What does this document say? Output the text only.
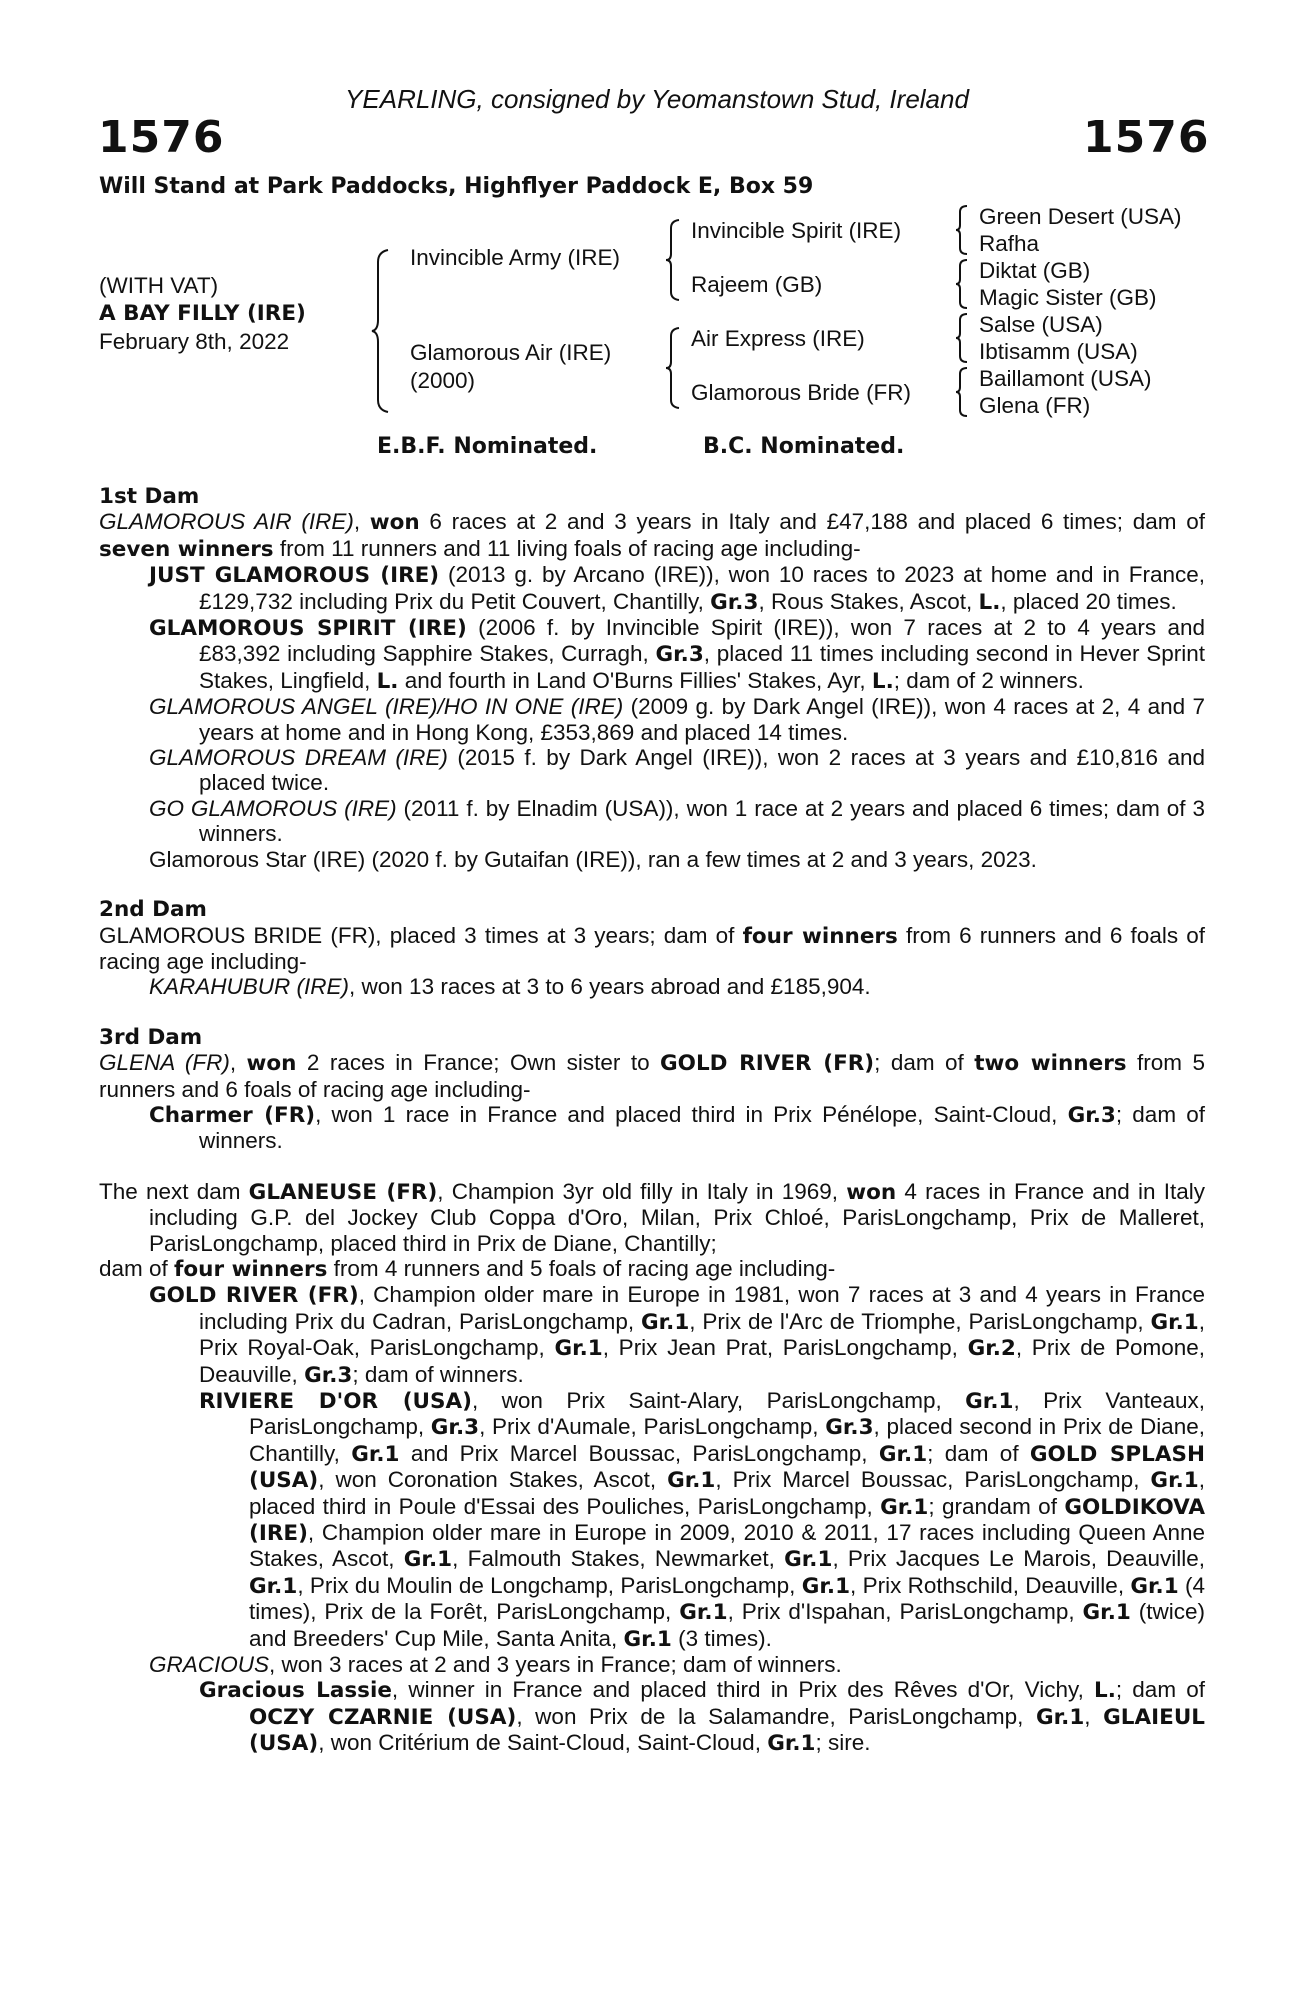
YEARLING, consigned by Yeomanstown Stud, Ireland
1576	1576
Will Stand at Park Paddocks, Highflyer Paddock E, Box 59
(WITH VAT)
A BAY FILLY (IRE)
February 8th, 2022
Invincible Army (IRE)
Glamorous Air (IRE)
(2000)
Invincible Spirit (IRE)
Rajeem (GB)
Air Express (IRE)
Glamorous Bride (FR)
Green Desert (USA)
Rafha
Diktat (GB)
Magic Sister (GB)
Salse (USA)
Ibtisamm (USA)
Baillamont (USA)
Glena (FR)
E.B.F. Nominated.	B.C. Nominated.
1st Dam

GLAMOROUS AIR (IRE), won 6 races at 2 and 3 years in Italy and £47,188 and placed 6 times; dam of seven winners from 11 runners and 11 living foals of racing age including-

JUST GLAMOROUS (IRE) (2013 g. by Arcano (IRE)), won 10 races to 2023 at home and in France, £129,732 including Prix du Petit Couvert, Chantilly, Gr.3, Rous Stakes, Ascot, L., placed 20 times.

GLAMOROUS SPIRIT (IRE) (2006 f. by Invincible Spirit (IRE)), won 7 races at 2 to 4 years and £83,392 including Sapphire Stakes, Curragh, Gr.3, placed 11 times including second in Hever Sprint Stakes, Lingfield, L. and fourth in Land O'Burns Fillies' Stakes, Ayr, L.; dam of 2 winners.

GLAMOROUS ANGEL (IRE)/HO IN ONE (IRE) (2009 g. by Dark Angel (IRE)), won 4 races at 2, 4 and 7 years at home and in Hong Kong, £353,869 and placed 14 times.

GLAMOROUS DREAM (IRE) (2015 f. by Dark Angel (IRE)), won 2 races at 3 years and £10,816 and placed twice.

GO GLAMOROUS (IRE) (2011 f. by Elnadim (USA)), won 1 race at 2 years and placed 6 times; dam of 3 winners.

Glamorous Star (IRE) (2020 f. by Gutaifan (IRE)), ran a few times at 2 and 3 years, 2023.

2nd Dam

GLAMOROUS BRIDE (FR), placed 3 times at 3 years; dam of four winners from 6 runners and 6 foals of racing age including-

KARAHUBUR (IRE), won 13 races at 3 to 6 years abroad and £185,904.

3rd Dam

GLENA (FR), won 2 races in France; Own sister to GOLD RIVER (FR); dam of two winners from 5 runners and 6 foals of racing age including-

Charmer (FR), won 1 race in France and placed third in Prix Pénélope, Saint-Cloud, Gr.3; dam of winners.

The next dam GLANEUSE (FR), Champion 3yr old filly in Italy in 1969, won 4 races in France and in Italy including G.P. del Jockey Club Coppa d'Oro, Milan, Prix Chloé, ParisLongchamp, Prix de Malleret, ParisLongchamp, placed third in Prix de Diane, Chantilly;

dam of four winners from 4 runners and 5 foals of racing age including-

GOLD RIVER (FR), Champion older mare in Europe in 1981, won 7 races at 3 and 4 years in France including Prix du Cadran, ParisLongchamp, Gr.1, Prix de l'Arc de Triomphe, ParisLongchamp, Gr.1, Prix Royal-Oak, ParisLongchamp, Gr.1, Prix Jean Prat, ParisLongchamp, Gr.2, Prix de Pomone, Deauville, Gr.3; dam of winners.

RIVIERE D'OR (USA), won Prix Saint-Alary, ParisLongchamp, Gr.1, Prix Vanteaux, ParisLongchamp, Gr.3, Prix d'Aumale, ParisLongchamp, Gr.3, placed second in Prix de Diane, Chantilly, Gr.1 and Prix Marcel Boussac, ParisLongchamp, Gr.1; dam of GOLD SPLASH (USA), won Coronation Stakes, Ascot, Gr.1, Prix Marcel Boussac, ParisLongchamp, Gr.1, placed third in Poule d'Essai des Pouliches, ParisLongchamp, Gr.1; grandam of GOLDIKOVA (IRE), Champion older mare in Europe in 2009, 2010 & 2011, 17 races including Queen Anne Stakes, Ascot, Gr.1, Falmouth Stakes, Newmarket, Gr.1, Prix Jacques Le Marois, Deauville, Gr.1, Prix du Moulin de Longchamp, ParisLongchamp, Gr.1, Prix Rothschild, Deauville, Gr.1 (4 times), Prix de la Forêt, ParisLongchamp, Gr.1, Prix d'Ispahan, ParisLongchamp, Gr.1 (twice) and Breeders' Cup Mile, Santa Anita, Gr.1 (3 times).

GRACIOUS, won 3 races at 2 and 3 years in France; dam of winners.

Gracious Lassie, winner in France and placed third in Prix des Rêves d'Or, Vichy, L.; dam of OCZY CZARNIE (USA), won Prix de la Salamandre, ParisLongchamp, Gr.1, GLAIEUL (USA), won Critérium de Saint-Cloud, Saint-Cloud, Gr.1; sire.
